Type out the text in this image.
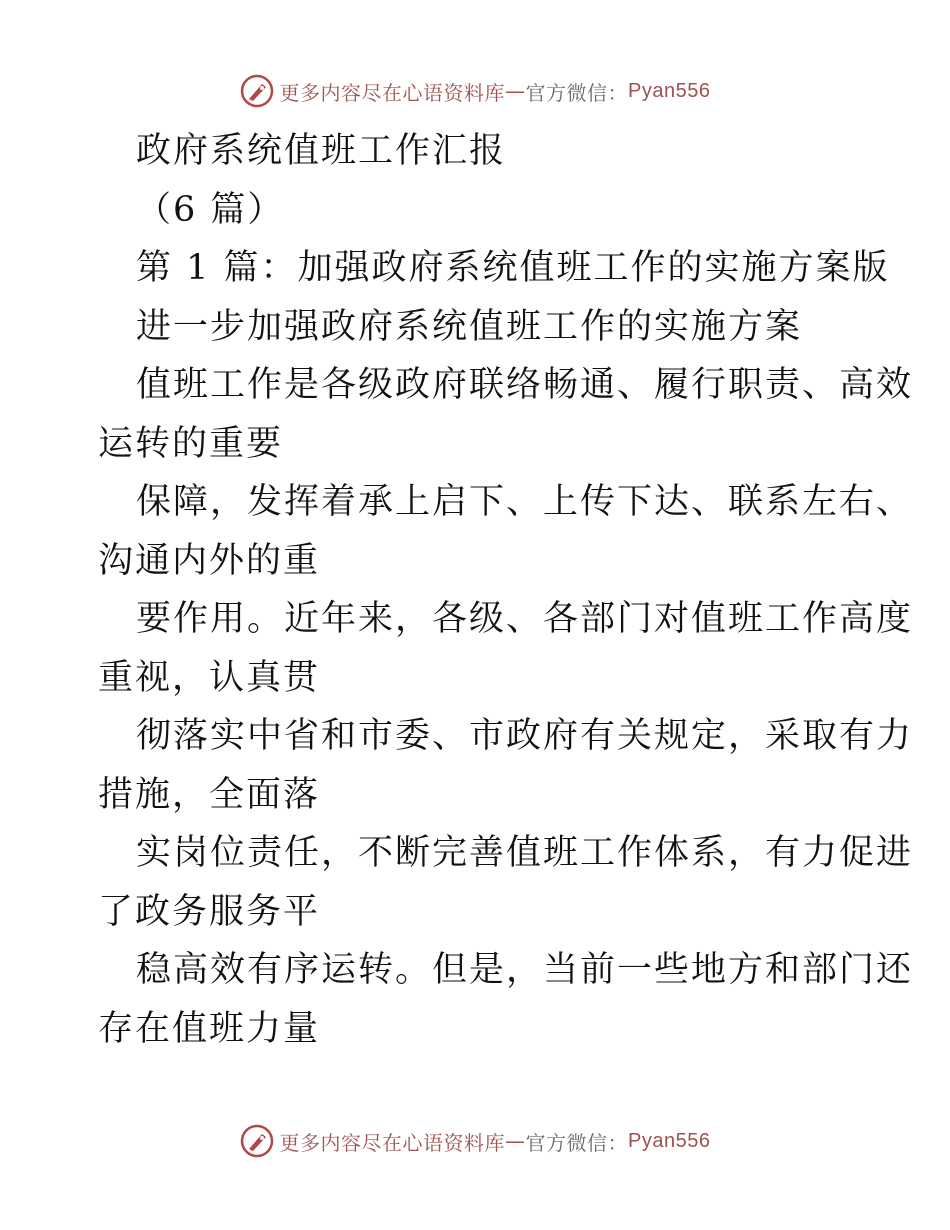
更多内容尽在心语资料库 — 官方微信： Pyan556
政府系统值班工作汇报
（6 篇）
第 1 篇：加强政府系统值班工作的实施方案版
进一步加强政府系统值班工作的实施方案
值班工作是各级政府联络畅通、履行职责、高效
运转的重要
保障，发挥着承上启下、上传下达、联系左右、
沟通内外的重
要作用。近年来，各级、各部门对值班工作高度
重视，认真贯
彻落实中省和市委、市政府有关规定，采取有力
措施，全面落
实岗位责任，不断完善值班工作体系，有力促进
了政务服务平
稳高效有序运转。但是，当前一些地方和部门还
存在值班力量
更多内容尽在心语资料库 — 官方微信： Pyan556
